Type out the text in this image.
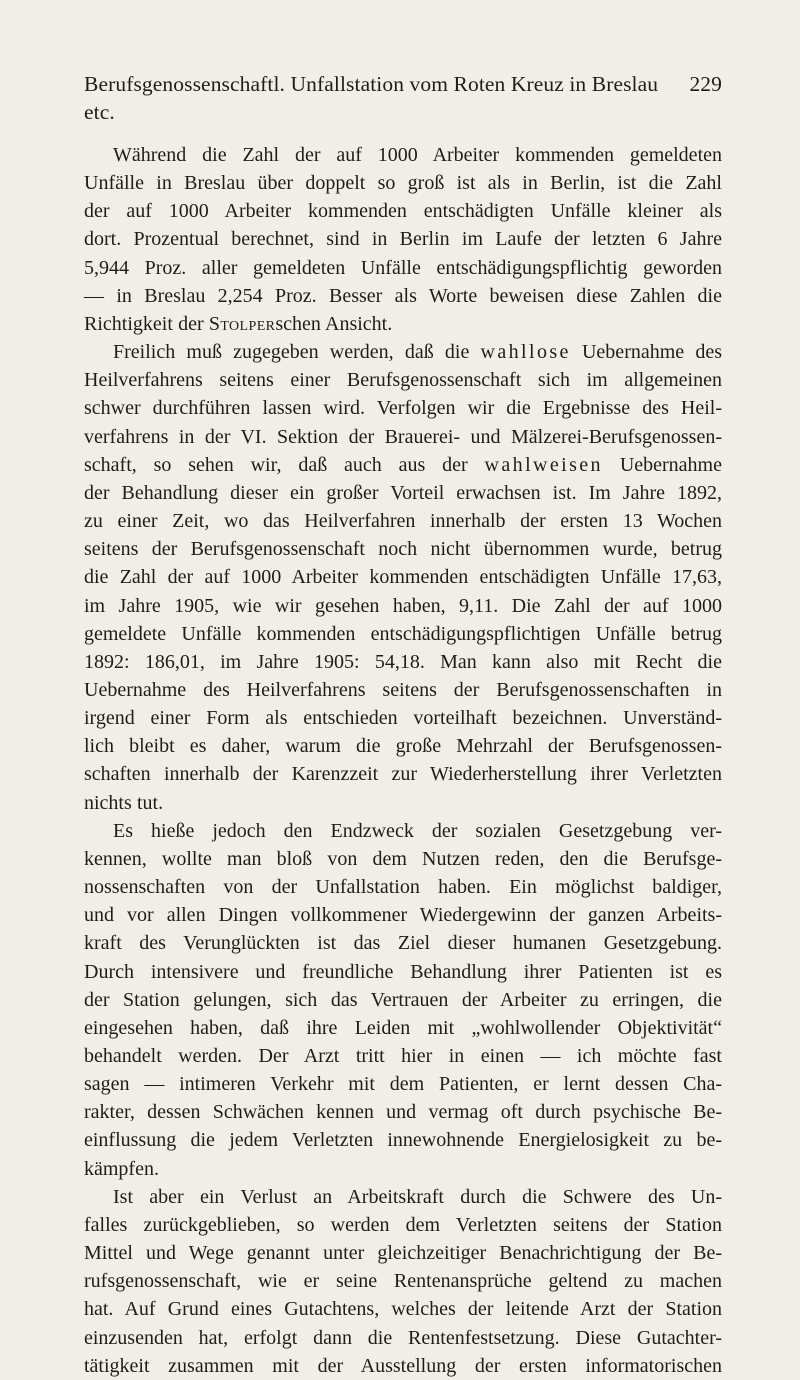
Berufsgenossenschaftl. Unfallstation vom Roten Kreuz in Breslau etc.
229

Während die Zahl der auf 1000 Arbeiter kommenden gemeldeten
Unfälle in Breslau über doppelt so groß ist als in Berlin, ist die Zahl
der auf 1000 Arbeiter kommenden entschädigten Unfälle kleiner als
dort. Prozentual berechnet, sind in Berlin im Laufe der letzten 6 Jahre
5,944 Proz. aller gemeldeten Unfälle entschädigungspflichtig geworden
— in Breslau 2,254 Proz. Besser als Worte beweisen diese Zahlen die
Richtigkeit der Stolperschen Ansicht.

Freilich muß zugegeben werden, daß die wahllose Uebernahme des
Heilverfahrens seitens einer Berufsgenossenschaft sich im allgemeinen
schwer durchführen lassen wird. Verfolgen wir die Ergebnisse des Heil-
verfahrens in der VI. Sektion der Brauerei- und Mälzerei-Berufsgenossen-
schaft, so sehen wir, daß auch aus der wahlweisen Uebernahme
der Behandlung dieser ein großer Vorteil erwachsen ist. Im Jahre 1892,
zu einer Zeit, wo das Heilverfahren innerhalb der ersten 13 Wochen
seitens der Berufsgenossenschaft noch nicht übernommen wurde, betrug
die Zahl der auf 1000 Arbeiter kommenden entschädigten Unfälle 17,63,
im Jahre 1905, wie wir gesehen haben, 9,11. Die Zahl der auf 1000
gemeldete Unfälle kommenden entschädigungspflichtigen Unfälle betrug
1892: 186,01, im Jahre 1905: 54,18. Man kann also mit Recht die
Uebernahme des Heilverfahrens seitens der Berufsgenossenschaften in
irgend einer Form als entschieden vorteilhaft bezeichnen. Unverständ-
lich bleibt es daher, warum die große Mehrzahl der Berufsgenossen-
schaften innerhalb der Karenzzeit zur Wiederherstellung ihrer Verletzten
nichts tut.

Es hieße jedoch den Endzweck der sozialen Gesetzgebung ver-
kennen, wollte man bloß von dem Nutzen reden, den die Berufsge-
nossenschaften von der Unfallstation haben. Ein möglichst baldiger,
und vor allen Dingen vollkommener Wiedergewinn der ganzen Arbeits-
kraft des Verunglückten ist das Ziel dieser humanen Gesetzgebung.
Durch intensivere und freundliche Behandlung ihrer Patienten ist es
der Station gelungen, sich das Vertrauen der Arbeiter zu erringen, die
eingesehen haben, daß ihre Leiden mit „wohlwollender Objektivität“
behandelt werden. Der Arzt tritt hier in einen — ich möchte fast
sagen — intimeren Verkehr mit dem Patienten, er lernt dessen Cha-
rakter, dessen Schwächen kennen und vermag oft durch psychische Be-
einflussung die jedem Verletzten innewohnende Energielosigkeit zu be-
kämpfen.

Ist aber ein Verlust an Arbeitskraft durch die Schwere des Un-
falles zurückgeblieben, so werden dem Verletzten seitens der Station
Mittel und Wege genannt unter gleichzeitiger Benachrichtigung der Be-
rufsgenossenschaft, wie er seine Rentenansprüche geltend zu machen
hat. Auf Grund eines Gutachtens, welches der leitende Arzt der Station
einzusenden hat, erfolgt dann die Rentenfestsetzung. Diese Gutachter-
tätigkeit zusammen mit der Ausstellung der ersten informatorischen
